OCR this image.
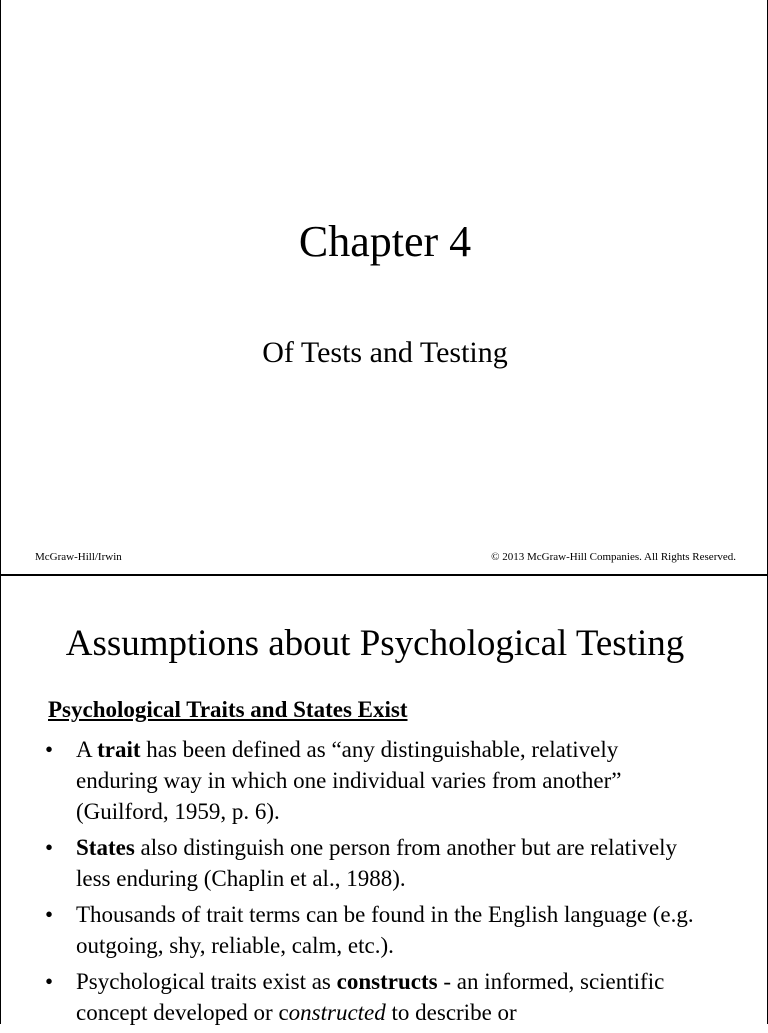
Chapter 4
Of Tests and Testing
McGraw-Hill/Irwin	© 2013 McGraw-Hill Companies. All Rights Reserved.
Assumptions about Psychological Testing
Psychological Traits and States Exist
• A trait has been defined as “any distinguishable, relatively enduring way in which one individual varies from another” (Guilford, 1959, p. 6).
• States also distinguish one person from another but are relatively less enduring (Chaplin et al., 1988).
• Thousands of trait terms can be found in the English language (e.g. outgoing, shy, reliable, calm, etc.).
• Psychological traits exist as constructs - an informed, scientific concept developed or constructed to describe or
